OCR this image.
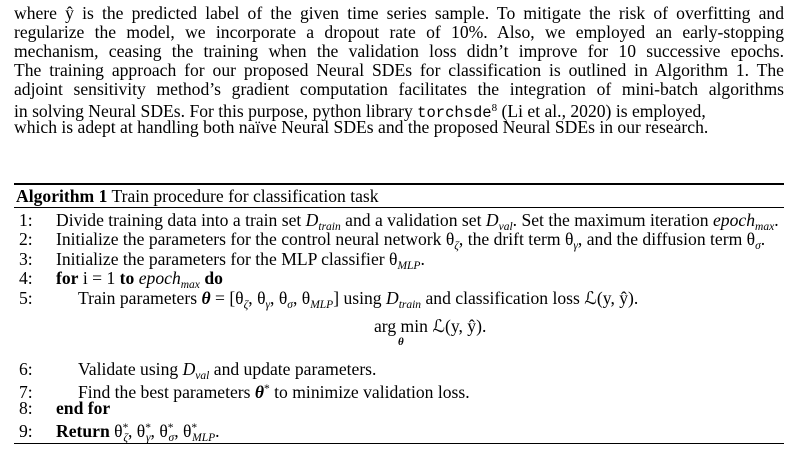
where ŷ is the predicted label of the given time series sample. To mitigate the risk of overfitting and
regularize the model, we incorporate a dropout rate of 10%. Also, we employed an early-stopping
mechanism, ceasing the training when the validation loss didn’t improve for 10 successive epochs.
The training approach for our proposed Neural SDEs for classification is outlined in Algorithm 1. The
adjoint sensitivity method’s gradient computation facilitates the integration of mini-batch algorithms
in solving Neural SDEs. For this purpose, python library torchsde$^8$ (Li et al., 2020) is employed,
which is adept at handling both naïve Neural SDEs and the proposed Neural SDEs in our research.
Algorithm 1 Train procedure for classification task
1: Divide training data into a train set $D_{train}$ and a validation set $D_{val}$. Set the maximum iteration epoch$_{max}$.
2: Initialize the parameters for the control neural network $\theta_\zeta$, the drift term $\theta_\gamma$, and the diffusion term $\theta_\sigma$.
3: Initialize the parameters for the MLP classifier $\theta_{MLP}$.
4: for i = 1 to epoch$_{max}$ do
5:	Train parameters $\theta = [\theta_\zeta$, $\theta_\gamma$, $\theta_\sigma$, $\theta_{MLP}$] using $D_{train}$ and classification loss ℒ(y, ŷ).
arg min ℒ(y, ŷ).
θ
6:	Validate using $D_{val}$ and update parameters.
7:	Find the best parameters θ* to minimize validation loss.
8: end for
9: Return $\theta^*_\zeta$, $\theta^*_\gamma$, $\theta^*_\sigma$, $\theta^*_{MLP}$.
